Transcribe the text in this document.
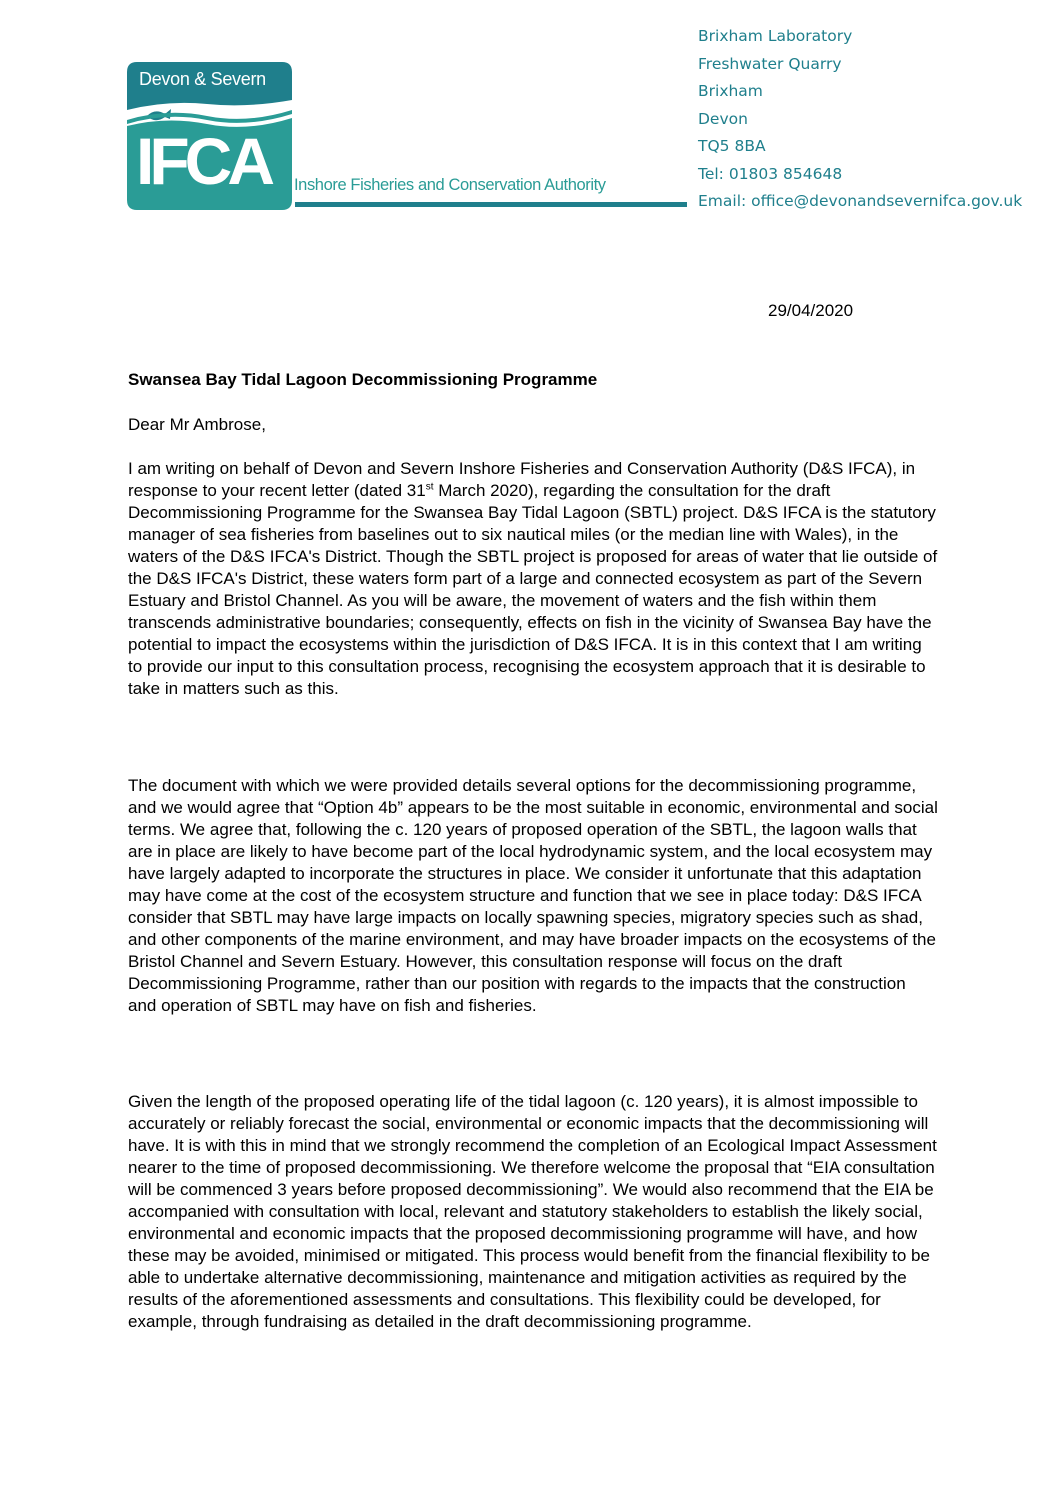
Devon & Severn
IFCA Inshore Fisheries and Conservation Authority
Brixham Laboratory
Freshwater Quarry
Brixham
Devon
TQ5 8BA
Tel: 01803 854648
Email: office@devonandsevernifca.gov.uk
29/04/2020
Swansea Bay Tidal Lagoon Decommissioning Programme
Dear Mr Ambrose,

I am writing on behalf of Devon and Severn Inshore Fisheries and Conservation Authority (D&S IFCA), in response to your recent letter (dated 31st March 2020), regarding the consultation for the draft Decommissioning Programme for the Swansea Bay Tidal Lagoon (SBTL) project. D&S IFCA is the statutory manager of sea fisheries from baselines out to six nautical miles (or the median line with Wales), in the waters of the D&S IFCA's District. Though the SBTL project is proposed for areas of water that lie outside of the D&S IFCA's District, these waters form part of a large and connected ecosystem as part of the Severn Estuary and Bristol Channel. As you will be aware, the movement of waters and the fish within them transcends administrative boundaries; consequently, effects on fish in the vicinity of Swansea Bay have the potential to impact the ecosystems within the jurisdiction of D&S IFCA. It is in this context that I am writing to provide our input to this consultation process, recognising the ecosystem approach that it is desirable to take in matters such as this.

The document with which we were provided details several options for the decommissioning programme, and we would agree that “Option 4b” appears to be the most suitable in economic, environmental and social terms. We agree that, following the c. 120 years of proposed operation of the SBTL, the lagoon walls that are in place are likely to have become part of the local hydrodynamic system, and the local ecosystem may have largely adapted to incorporate the structures in place. We consider it unfortunate that this adaptation may have come at the cost of the ecosystem structure and function that we see in place today: D&S IFCA consider that SBTL may have large impacts on locally spawning species, migratory species such as shad, and other components of the marine environment, and may have broader impacts on the ecosystems of the Bristol Channel and Severn Estuary. However, this consultation response will focus on the draft Decommissioning Programme, rather than our position with regards to the impacts that the construction and operation of SBTL may have on fish and fisheries.

Given the length of the proposed operating life of the tidal lagoon (c. 120 years), it is almost impossible to accurately or reliably forecast the social, environmental or economic impacts that the decommissioning will have. It is with this in mind that we strongly recommend the completion of an Ecological Impact Assessment nearer to the time of proposed decommissioning. We therefore welcome the proposal that “EIA consultation will be commenced 3 years before proposed decommissioning”. We would also recommend that the EIA be accompanied with consultation with local, relevant and statutory stakeholders to establish the likely social, environmental and economic impacts that the proposed decommissioning programme will have, and how these may be avoided, minimised or mitigated. This process would benefit from the financial flexibility to be able to undertake alternative decommissioning, maintenance and mitigation activities as required by the results of the aforementioned assessments and consultations. This flexibility could be developed, for example, through fundraising as detailed in the draft decommissioning programme.
